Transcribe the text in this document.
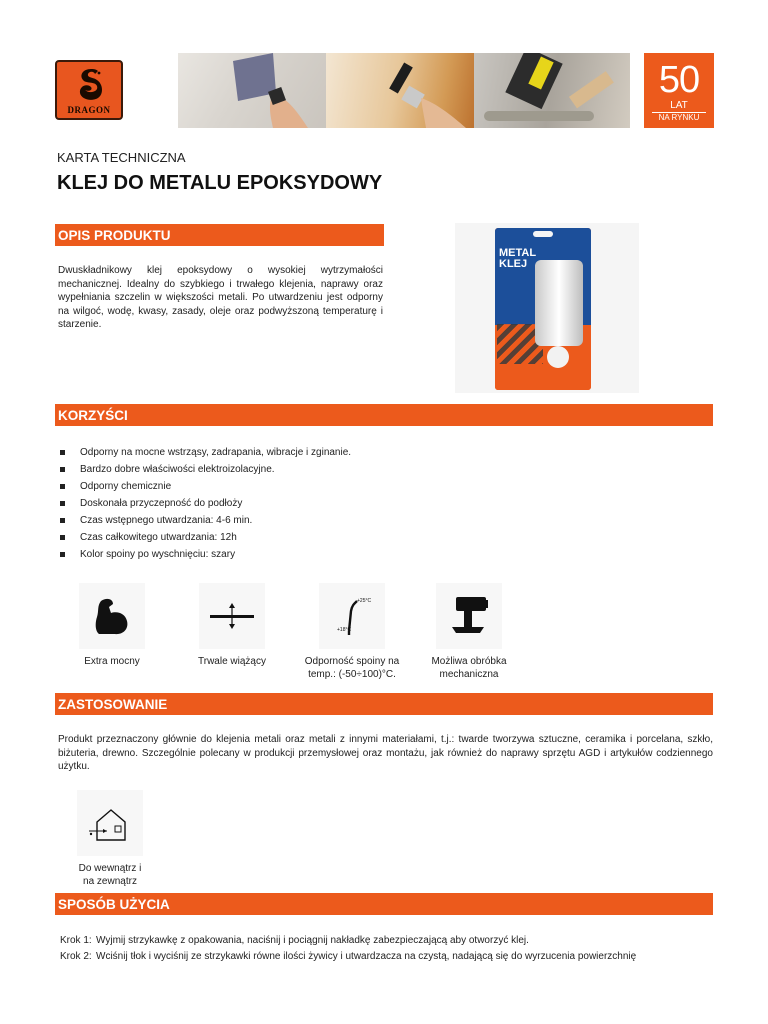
DRAGON
50
LAT
NA RYNKU
KARTA TECHNICZNA
KLEJ DO METALU EPOKSYDOWY
OPIS PRODUKTU
Dwuskładnikowy klej epoksydowy o wysokiej wytrzymałości mechanicznej. Idealny do szybkiego i trwałego klejenia, naprawy oraz wypełniania szczelin w większości metali. Po utwardzeniu jest odporny na wilgoć, wodę, kwasy, zasady, oleje oraz podwyższoną temperaturę i starzenie.
METAL
KLEJ
KORZYŚCI
Odporny na mocne wstrząsy, zadrapania, wibracje i zginanie.
Bardzo dobre właściwości elektroizolacyjne.
Odporny chemicznie
Doskonała przyczepność do podłoży
Czas wstępnego utwardzania: 4-6 min.
Czas całkowitego utwardzania: 12h
Kolor spoiny po wyschnięciu: szary
Extra mocny	Trwale wiążący
+25°C
+18°C
Odporność spoiny na
temp.: (-50÷100)°C.
Możliwa obróbka
mechaniczna
ZASTOSOWANIE
Produkt przeznaczony głównie do klejenia metali oraz metali z innymi materiałami, t.j.: twarde tworzywa sztuczne, ceramika i porcelana, szkło, biżuteria, drewno. Szczególnie polecany w produkcji przemysłowej oraz montażu, jak również do naprawy sprzętu AGD i artykułów codziennego użytku.
Do wewnątrz i
na zewnątrz
SPOSÓB UŻYCIA
Krok 1: Wyjmij strzykawkę z opakowania, naciśnij i pociągnij nakładkę zabezpieczającą aby otworzyć klej.
Krok 2: Wciśnij tłok i wyciśnij ze strzykawki równe ilości żywicy i utwardzacza na czystą, nadającą się do wyrzucenia powierzchnię
